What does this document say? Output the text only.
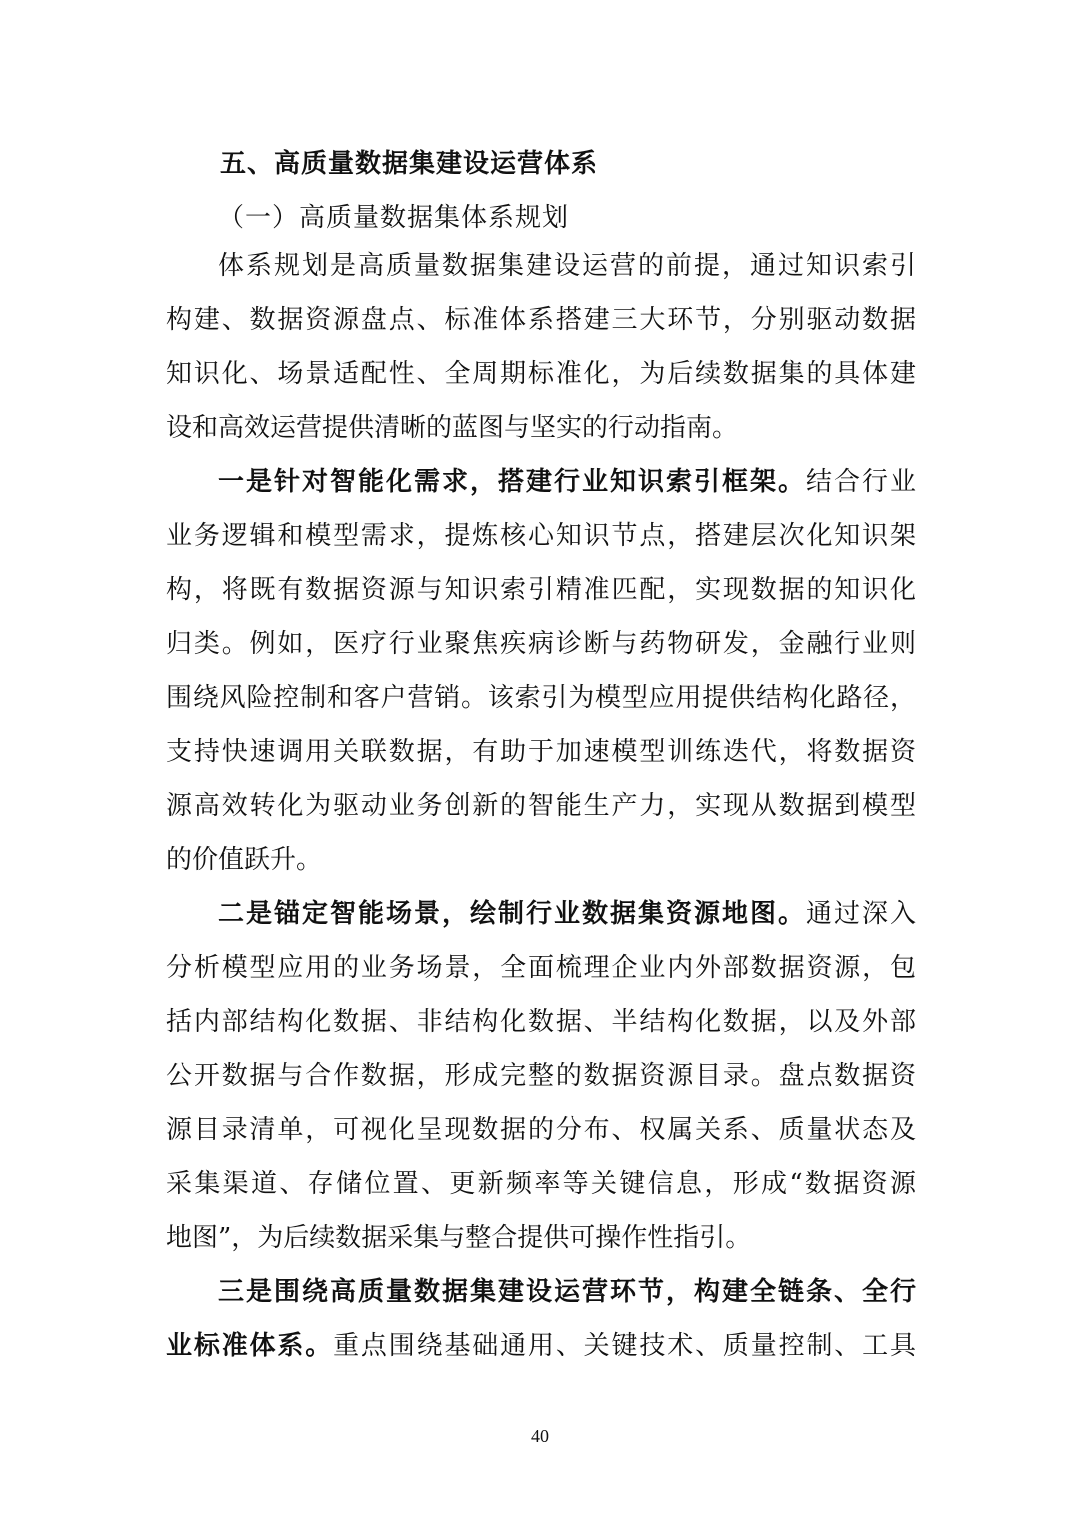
五、高质量数据集建设运营体系
（一）高质量数据集体系规划
体系规划是高质量数据集建设运营的前提，通过知识索引
构建、数据资源盘点、标准体系搭建三大环节，分别驱动数据
知识化、场景适配性、全周期标准化，为后续数据集的具体建
设和高效运营提供清晰的蓝图与坚实的行动指南。
一是针对智能化需求，搭建行业知识索引框架。结合行业
业务逻辑和模型需求，提炼核心知识节点，搭建层次化知识架
构，将既有数据资源与知识索引精准匹配，实现数据的知识化
归类。例如，医疗行业聚焦疾病诊断与药物研发，金融行业则
围绕风险控制和客户营销。该索引为模型应用提供结构化路径，
支持快速调用关联数据，有助于加速模型训练迭代，将数据资
源高效转化为驱动业务创新的智能生产力，实现从数据到模型
的价值跃升。
二是锚定智能场景，绘制行业数据集资源地图。通过深入
分析模型应用的业务场景，全面梳理企业内外部数据资源，包
括内部结构化数据、非结构化数据、半结构化数据，以及外部
公开数据与合作数据，形成完整的数据资源目录。盘点数据资
源目录清单，可视化呈现数据的分布、权属关系、质量状态及
采集渠道、存储位置、更新频率等关键信息，形成“数据资源
地图”，为后续数据采集与整合提供可操作性指引。
三是围绕高质量数据集建设运营环节，构建全链条、全行
业标准体系。重点围绕基础通用、关键技术、质量控制、工具
40
